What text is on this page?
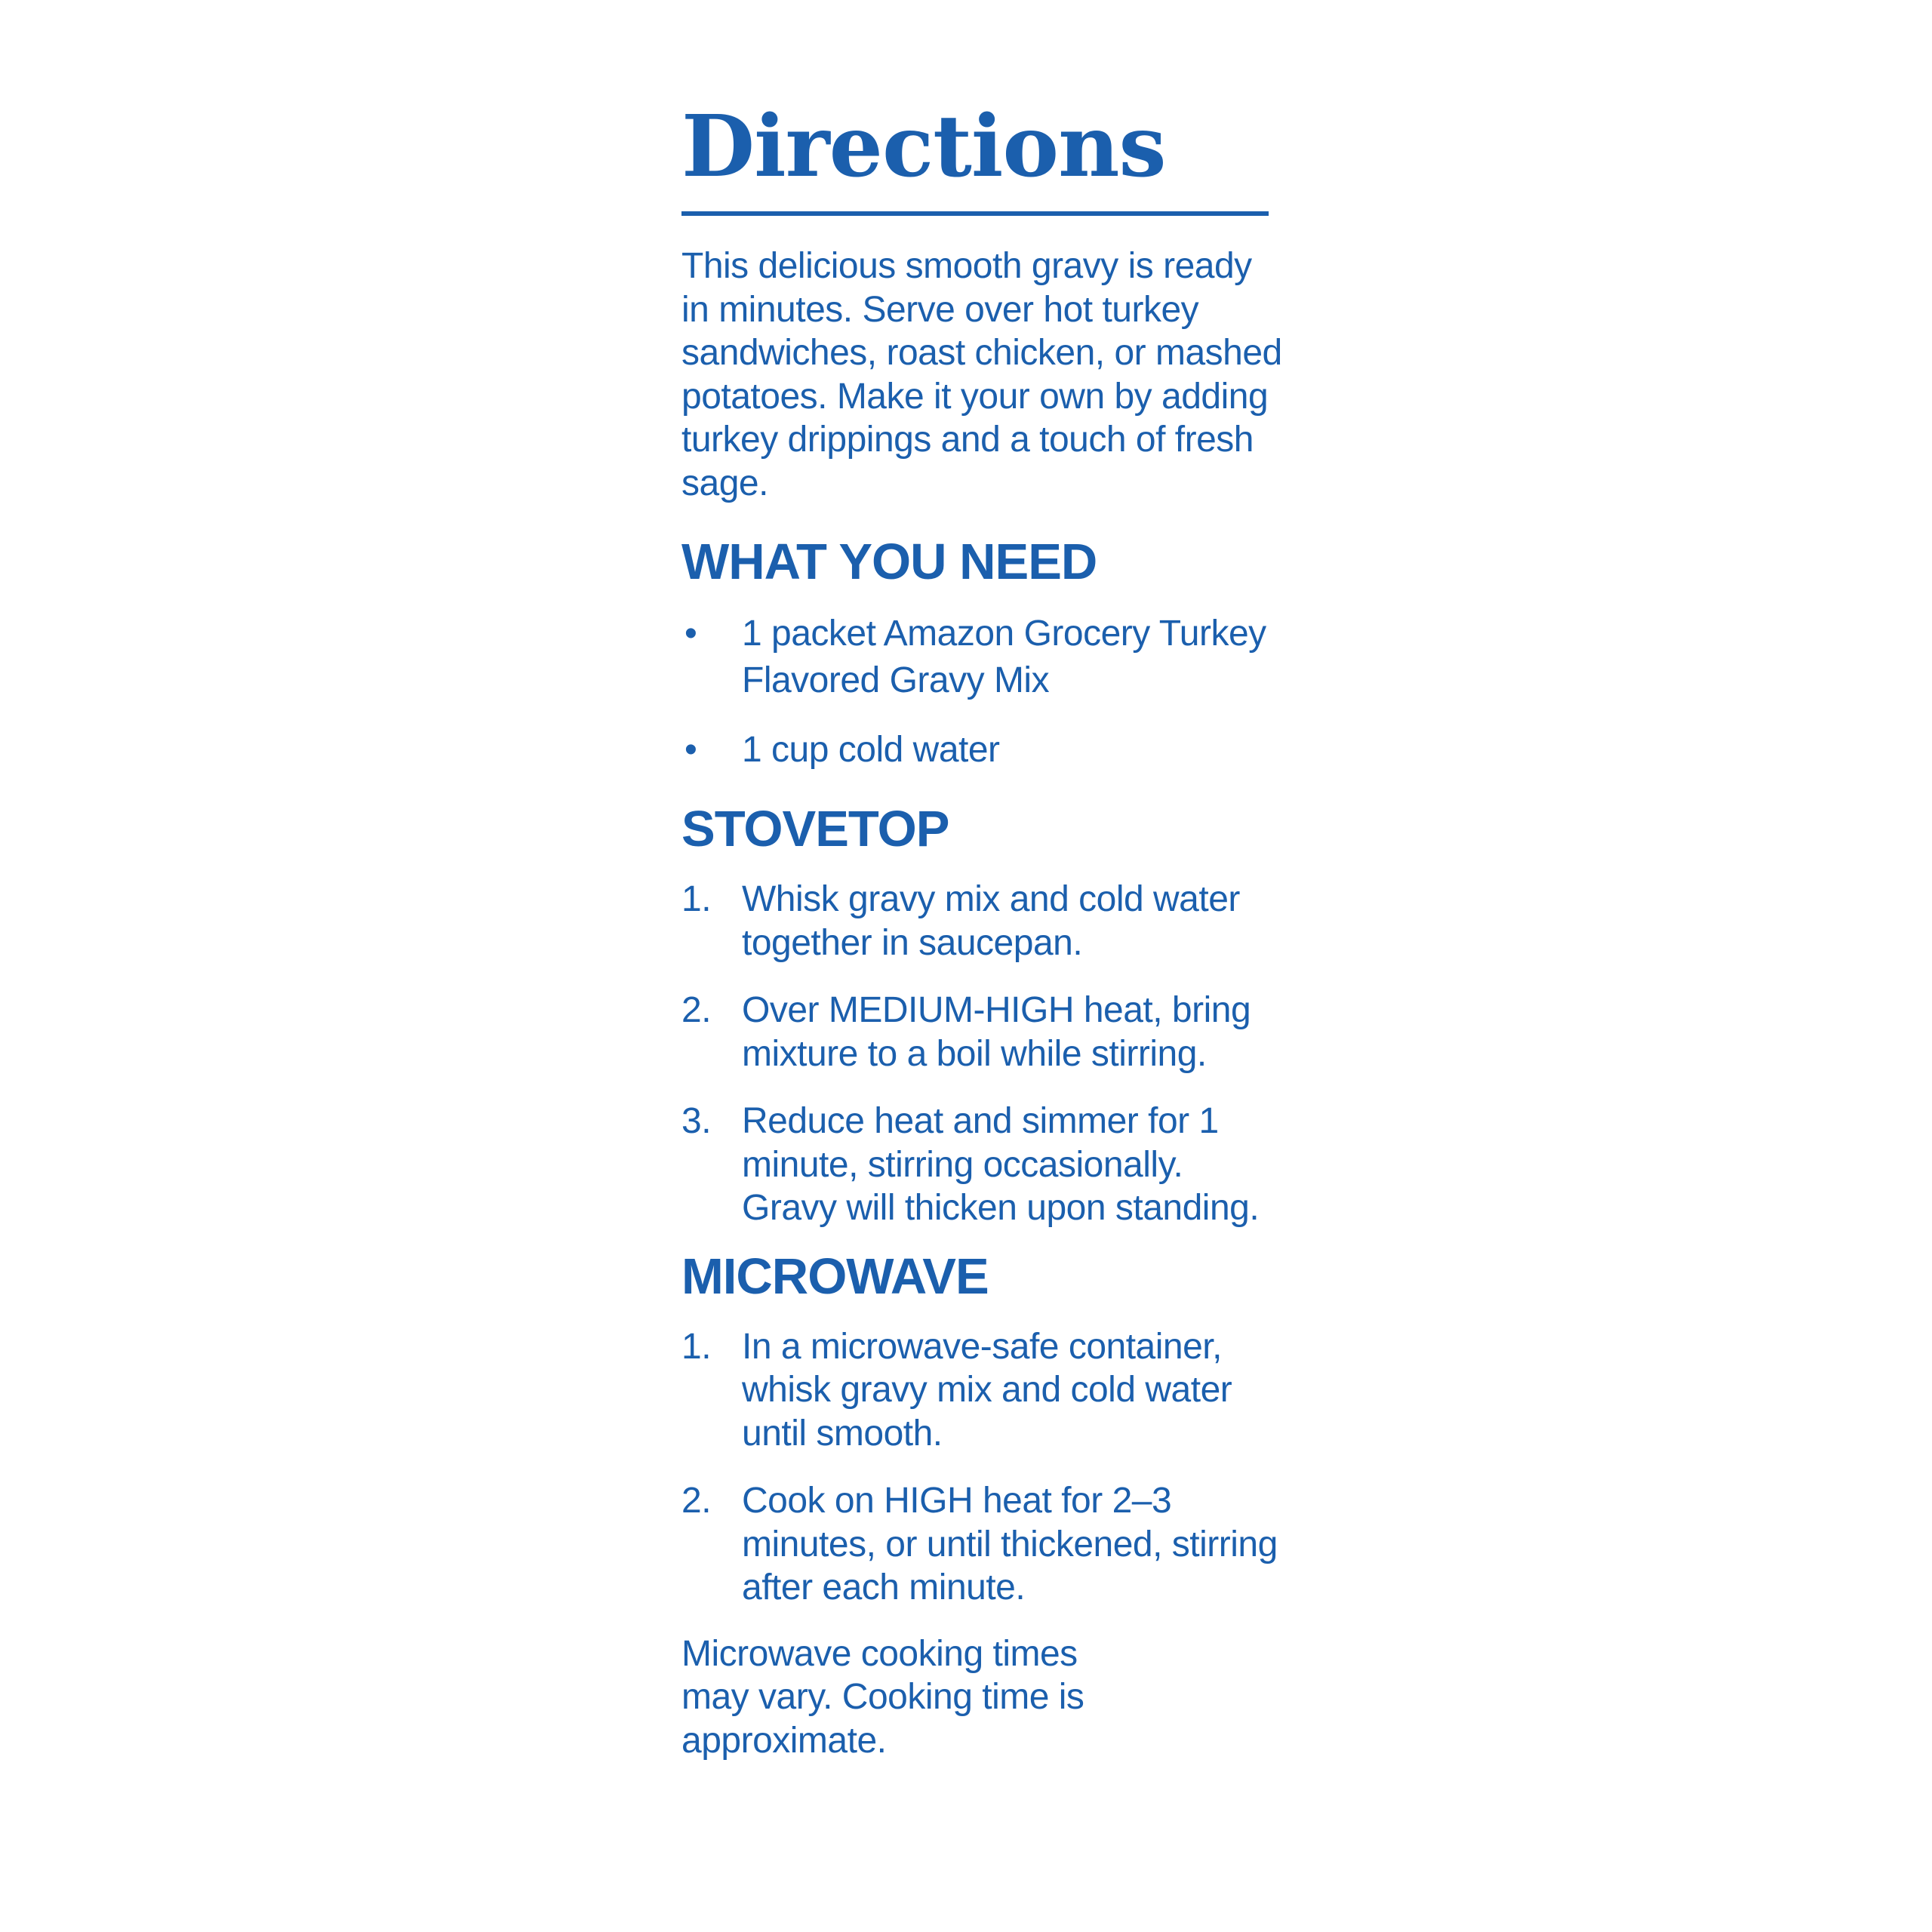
Directions

This delicious smooth gravy is ready in minutes. Serve over hot turkey sandwiches, roast chicken, or mashed potatoes. Make it your own by adding turkey drippings and a touch of fresh sage.

WHAT YOU NEED
• 1 packet Amazon Grocery Turkey Flavored Gravy Mix
• 1 cup cold water
STOVETOP
1. Whisk gravy mix and cold water together in saucepan.
2. Over MEDIUM-HIGH heat, bring mixture to a boil while stirring.
3. Reduce heat and simmer for 1 minute, stirring occasionally. Gravy will thicken upon standing.
MICROWAVE
1. In a microwave-safe container, whisk gravy mix and cold water until smooth.
2. Cook on HIGH heat for 2–3 minutes, or until thickened, stirring after each minute.

Microwave cooking times may vary. Cooking time is approximate.
